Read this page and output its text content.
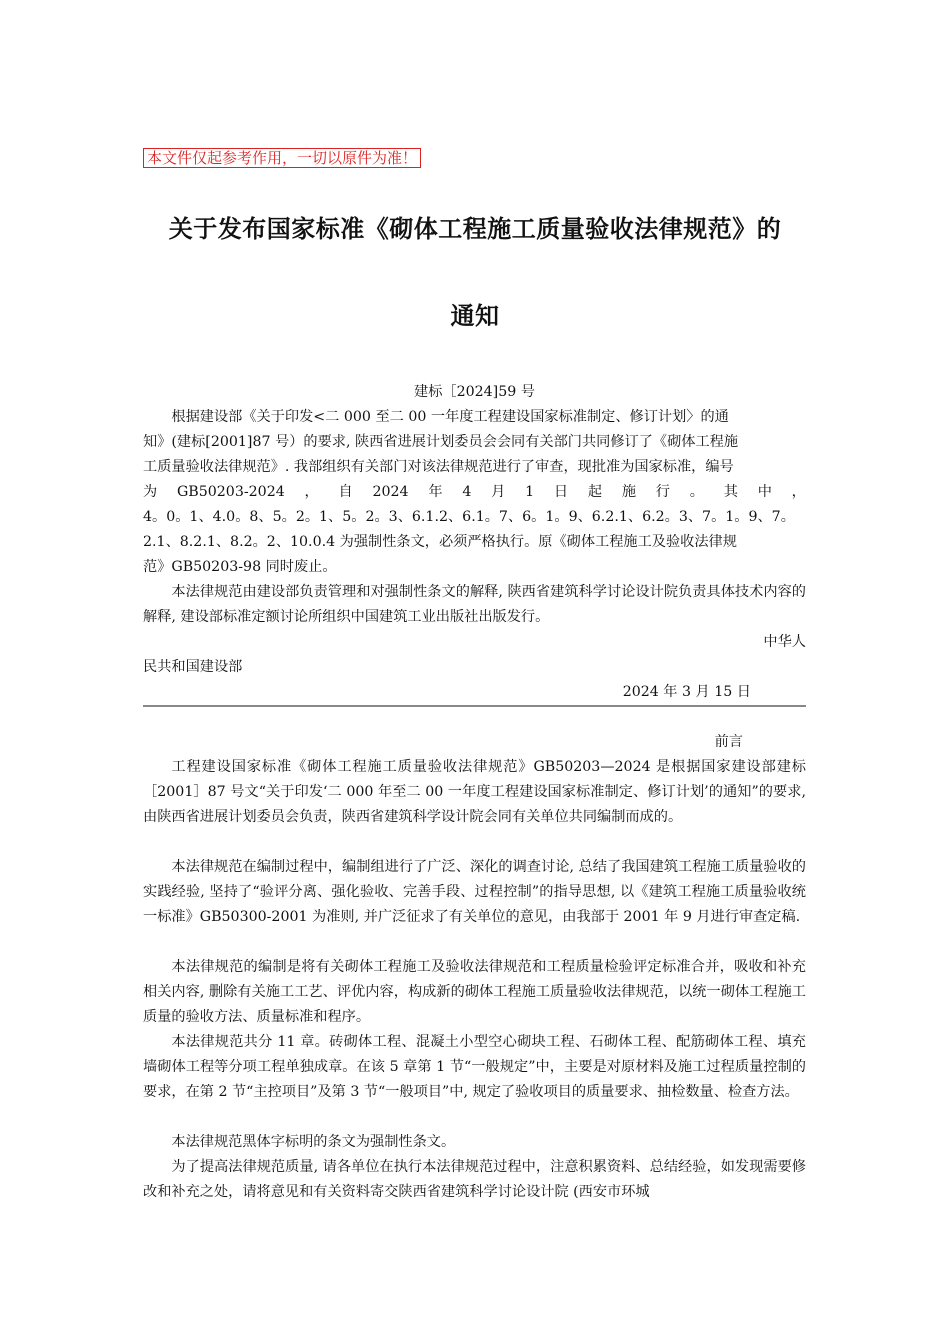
本文件仅起参考作用，一切以原件为准！
关于发布国家标准《砌体工程施工质量验收法律规范》的
通知
建标［2024]59 号
根据建设部《关于印发<二 000 至二 00 一年度工程建设国家标准制定、修订计划〉的通
知》(建标[2001]87 号）的要求, 陕西省进展计划委员会会同有关部门共同修订了《砌体工程施
工质量验收法律规范》. 我部组织有关部门对该法律规范进行了审查，现批准为国家标准，编号
为 GB50203-2024 ， 自 2024 年 4 月 1 日 起 施 行 。 其 中 ，
4。0。1、4.0。8、5。2。1、5。2。3、6.1.2、6.1。7、6。1。9、6.2.1、6.2。3、7。1。9、7。
2.1、8.2.1、8.2。2、10.0.4 为强制性条文，必须严格执行。原《砌体工程施工及验收法律规
范》GB50203-98 同时废止。
本法律规范由建设部负责管理和对强制性条文的解释, 陕西省建筑科学讨论设计院负责具体技术内容的解释, 建设部标准定额讨论所组织中国建筑工业出版社出版发行。
中华人
民共和国建设部
2024 年 3 月 15 日
前言
工程建设国家标准《砌体工程施工质量验收法律规范》GB50203—2024 是根据国家建设部建标［2001］87 号文“关于印发‘二 000 年至二 00 一年度工程建设国家标准制定、修订计划’的通知”的要求, 由陕西省进展计划委员会负责，陕西省建筑科学设计院会同有关单位共同编制而成的。
本法律规范在编制过程中，编制组进行了广泛、深化的调查讨论, 总结了我国建筑工程施工质量验收的实践经验, 坚持了“验评分离、强化验收、完善手段、过程控制”的指导思想, 以《建筑工程施工质量验收统一标准》GB50300-2001 为准则, 并广泛征求了有关单位的意见，由我部于 2001 年 9 月进行审查定稿.
本法律规范的编制是将有关砌体工程施工及验收法律规范和工程质量检验评定标准合并，吸收和补充相关内容, 删除有关施工工艺、评优内容，构成新的砌体工程施工质量验收法律规范，以统一砌体工程施工质量的验收方法、质量标准和程序。
本法律规范共分 11 章。砖砌体工程、混凝土小型空心砌块工程、石砌体工程、配筋砌体工程、填充墙砌体工程等分项工程单独成章。在该 5 章第 1 节“一般规定”中，主要是对原材料及施工过程质量控制的要求，在第 2 节“主控项目”及第 3 节“一般项目”中, 规定了验收项目的质量要求、抽检数量、检查方法。
本法律规范黑体字标明的条文为强制性条文。
为了提高法律规范质量, 请各单位在执行本法律规范过程中，注意积累资料、总结经验，如发现需要修改和补充之处，请将意见和有关资料寄交陕西省建筑科学讨论设计院 (西安市环城
